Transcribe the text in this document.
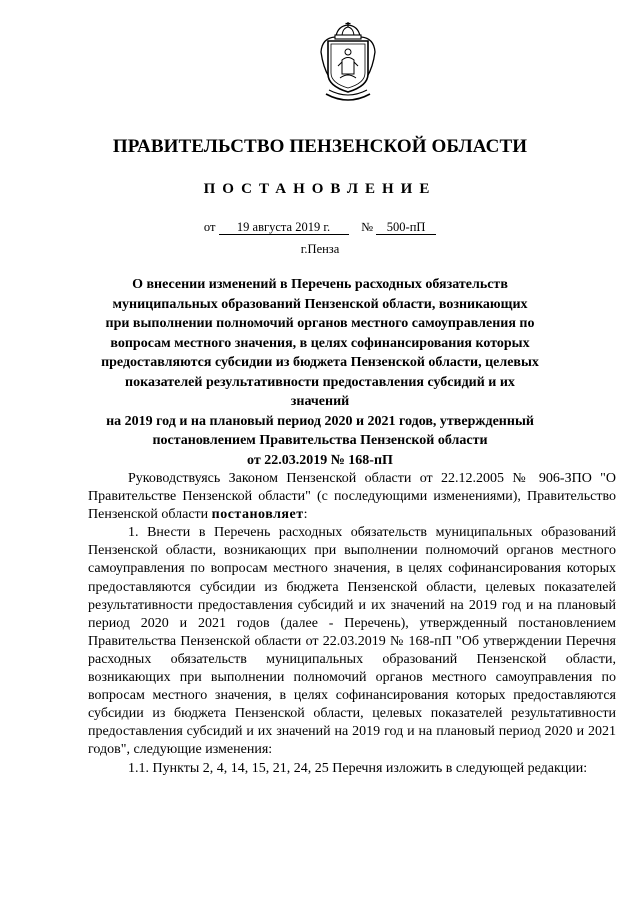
ПРАВИТЕЛЬСТВО ПЕНЗЕНСКОЙ ОБЛАСТИ
ПОСТАНОВЛЕНИЕ
от 19 августа 2019 г. № 500-пП
г.Пенза
О внесении изменений в Перечень расходных обязательств
муниципальных образований Пензенской области, возникающих
при выполнении полномочий органов местного самоуправления по
вопросам местного значения, в целях софинансирования которых
предоставляются субсидии из бюджета Пензенской области, целевых
показателей результативности предоставления субсидий и их значений
на 2019 год и на плановый период 2020 и 2021 годов, утвержденный
постановлением Правительства Пензенской области
от 22.03.2019 № 168-пП

Руководствуясь Законом Пензенской области от 22.12.2005 № 906-ЗПО "О Правительстве Пензенской области" (с последующими изменениями), Правительство Пензенской области постановляет:

1. Внести в Перечень расходных обязательств муниципальных образований Пензенской области, возникающих при выполнении полномочий органов местного самоуправления по вопросам местного значения, в целях софинансирования которых предоставляются субсидии из бюджета Пензенской области, целевых показателей результативности предоставления субсидий и их значений на 2019 год и на плановый период 2020 и 2021 годов (далее - Перечень), утвержденный постановлением Правительства Пензенской области от 22.03.2019 № 168-пП "Об утверждении Перечня расходных обязательств муниципальных образований Пензенской области, возникающих при выполнении полномочий органов местного самоуправления по вопросам местного значения, в целях софинансирования которых предоставляются субсидии из бюджета Пензенской области, целевых показателей результативности предоставления субсидий и их значений на 2019 год и на плановый период 2020 и 2021 годов", следующие изменения:

1.1. Пункты 2, 4, 14, 15, 21, 24, 25 Перечня изложить в следующей редакции:
